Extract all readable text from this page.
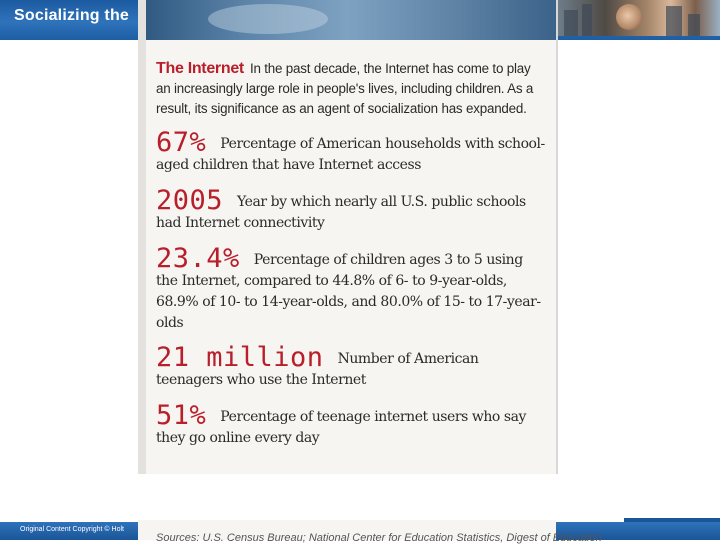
Socializing the

The Internet In the past decade, the Internet has come to play an increasingly large role in people's lives, including children. As a result, its significance as an agent of socialization has expanded.

67% Percentage of American households with school-aged children that have Internet access

2005 Year by which nearly all U.S. public schools had Internet connectivity

23.4% Percentage of children ages 3 to 5 using the Internet, compared to 44.8% of 6- to 9-year-olds, 68.9% of 10- to 14-year-olds, and 80.0% of 15- to 17-year-olds

21 million Number of American teenagers who use the Internet

51% Percentage of teenage internet users who say they go online every day

Original Content Copyright © Holt

Sources: U.S. Census Bureau; National Center for Education Statistics, Digest of Education
